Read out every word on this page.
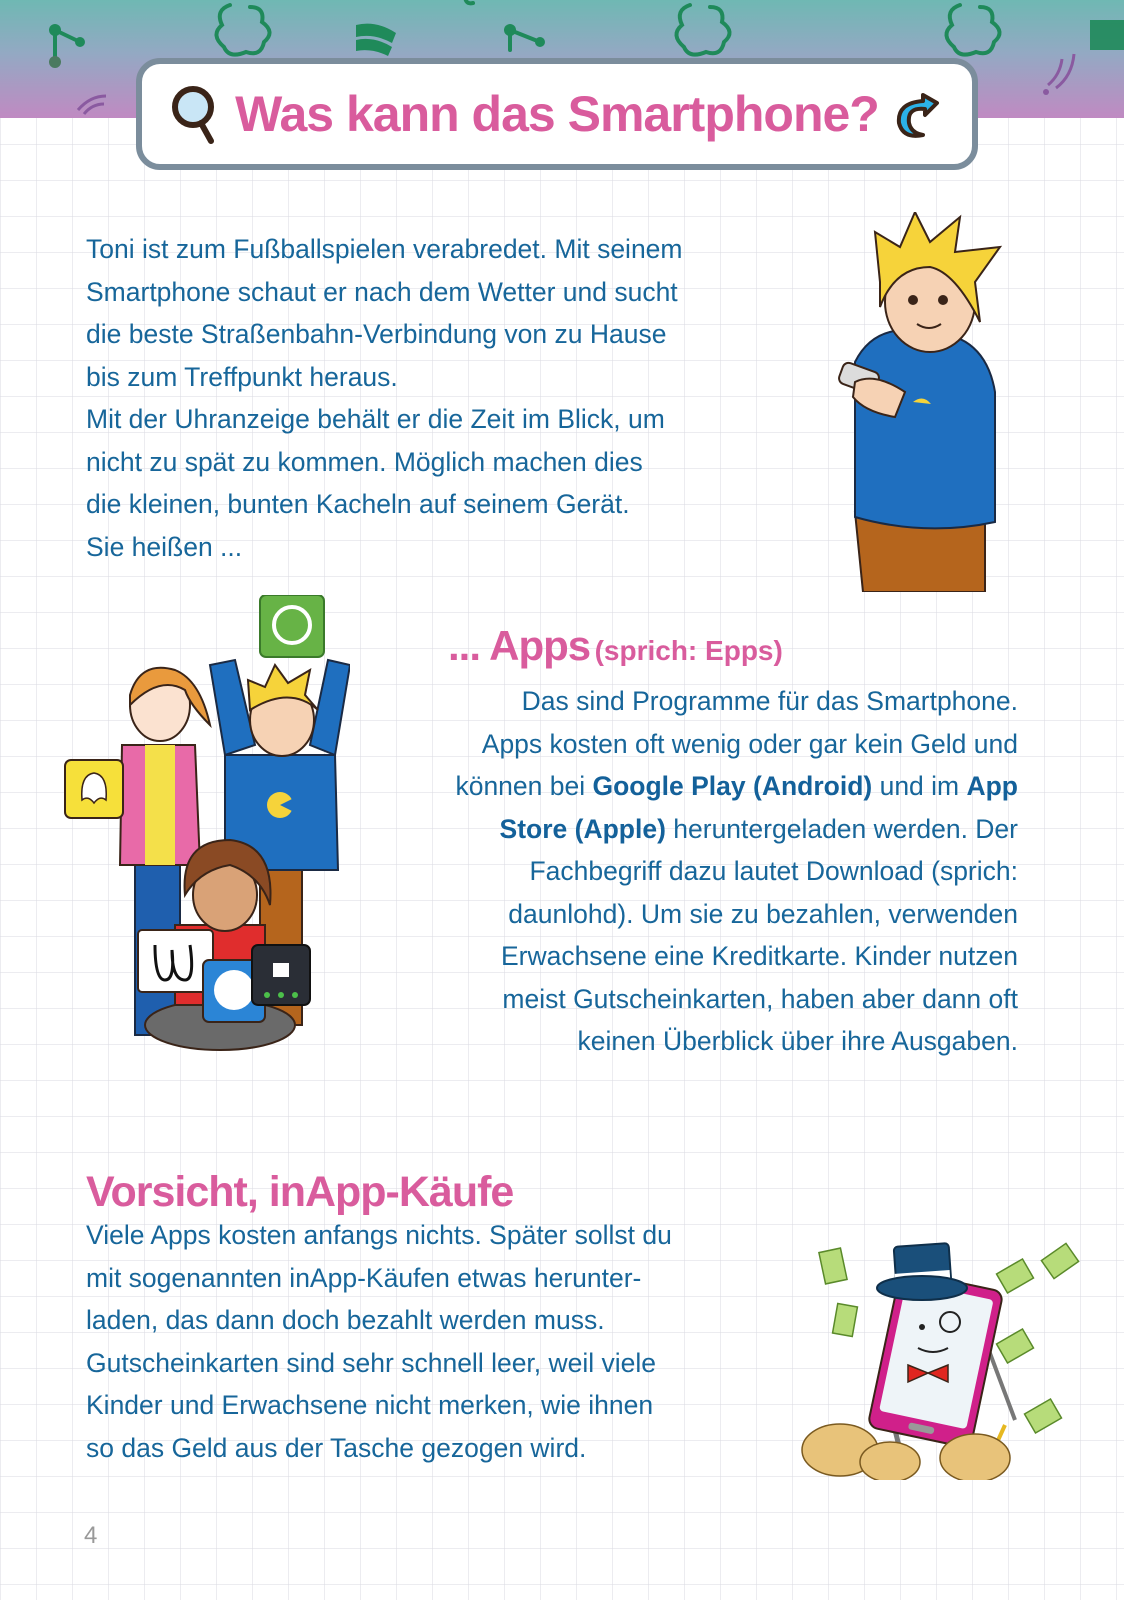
Was kann das Smartphone?

Toni ist zum Fußballspielen verabredet. Mit seinem

Smartphone schaut er nach dem Wetter und sucht

die beste Straßenbahn-Verbindung von zu Hause

bis zum Treffpunkt heraus.

Mit der Uhranzeige behält er die Zeit im Blick, um

nicht zu spät zu kommen. Möglich machen dies

die kleinen, bunten Kacheln auf seinem Gerät.

Sie heißen ...

... Apps (sprich: Epps)

Das sind Programme für das Smartphone.

Apps kosten oft wenig oder gar kein Geld und

können bei Google Play (Android) und im App

Store (Apple) heruntergeladen werden. Der

Fachbegriff dazu lautet Download (sprich:

daunlohd). Um sie zu bezahlen, verwenden

Erwachsene eine Kreditkarte. Kinder nutzen

meist Gutscheinkarten, haben aber dann oft

keinen Überblick über ihre Ausgaben.

Vorsicht, inApp-Käufe

Viele Apps kosten anfangs nichts. Später sollst du

mit sogenannten inApp-Käufen etwas herunter-

laden, das dann doch bezahlt werden muss.

Gutscheinkarten sind sehr schnell leer, weil viele

Kinder und Erwachsene nicht merken, wie ihnen

so das Geld aus der Tasche gezogen wird.

4
